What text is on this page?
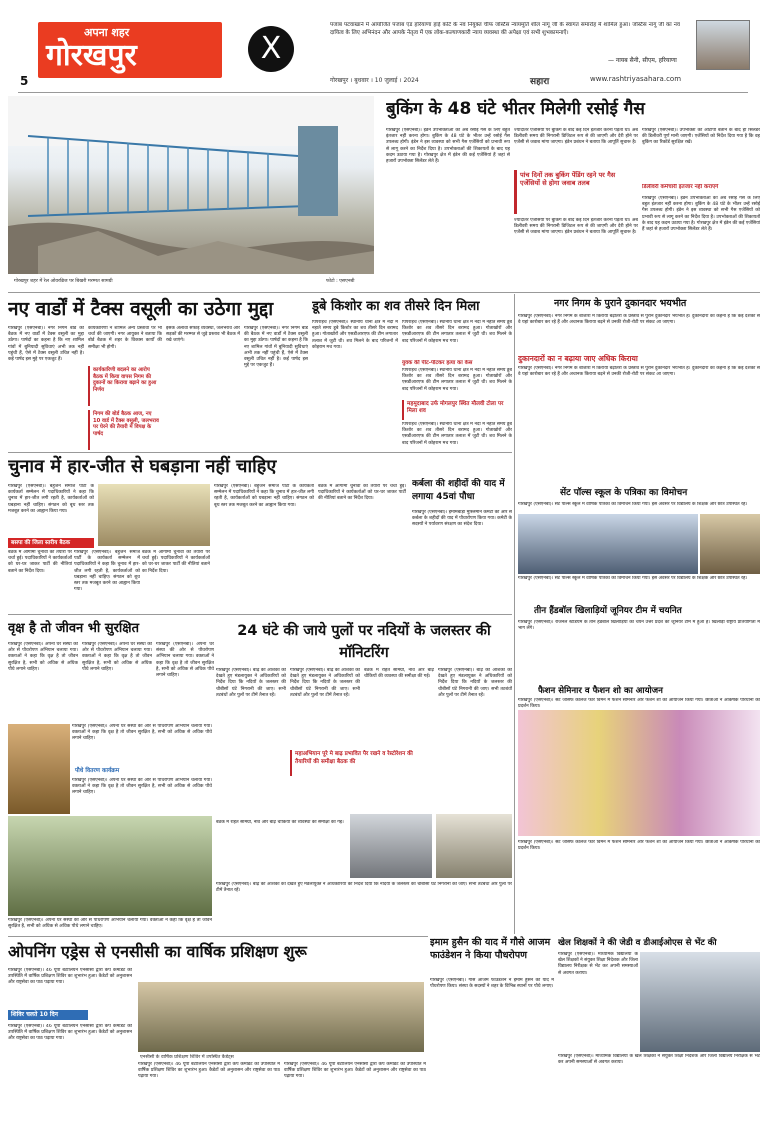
5
अपना शहर
गोरखपुर	X
पंजाब पटवाखाने में आयोजित पंजाब एंड हरियाणा हाई कोर्ट के नव नियुक्त चीफ जस्टिस न्यायमूर्ति शील नागू जी के स्वागत समारोह में शामिल हुआ। जस्टिस नागू जी का नव दायित्व के लिए अभिनंदन और आपके नेतृत्व में एक लोक-कल्याणकारी न्याय व्यवस्था की अपेक्षा एवं सभी शुभकामनाएँ।
— नायब सैनी, सीएम, हरियाणा
गोरखपुर । बुधवार । 10 जुलाई । 2024	सहारा	www.rashtriyasahara.com
गोरखपुर शहर में रेल ओवरब्रिज पर बिखरी मरम्मत सामग्री	फोटो : एसएनबी
बुकिंग के 48 घंटे भीतर मिलेगी रसोई गैस
गोरखपुर (एसएनबी)। इंडेन उपभोक्ताओं को अब रसोई गैस के लिए बहुत इंतजार नहीं करना होगा। बुकिंग के 48 घंटे के भीतर उन्हें रसोई गैस उपलब्ध होगी। इंडेन ने इस व्यवस्था को सभी गैस एजेंसियों को प्रभावी रूप से लागू करने का निर्देश दिया है। उपभोक्ताओं की शिकायतों के बाद यह कदम उठाया गया है। गोरखपुर क्षेत्र में इंडेन की कई एजेंसियां हैं जहां से हजारों उपभोक्ता सिलेंडर लेते हैं।
ज्यादातर एजेंसियों पर बुकिंग के बाद कई दिन इंतजार करना पड़ता था। अब डिलीवरी समय की निगरानी डिजिटल रूप से की जाएगी और देरी होने पर एजेंसी से जवाब मांगा जाएगा। इंडेन प्रबंधन ने बताया कि आपूर्ति सुचारू है।
पांच दिनों तक बुकिंग पेंडिंग रहने पर गैस एजेंसियों से होगा जवाब तलब
ज्यादातर एजेंसियों पर बुकिंग के बाद कई दिन इंतजार करना पड़ता था। अब डिलीवरी समय की निगरानी डिजिटल रूप से की जाएगी और देरी होने पर एजेंसी से जवाब मांगा जाएगा। इंडेन प्रबंधन ने बताया कि आपूर्ति सुचारू है।
गोरखपुर (एसएनबी)। उपभोक्ता को ओटीपी बताने के बाद ही सिलेंडर की डिलीवरी पूर्ण मानी जाएगी। एजेंसियों को निर्देश दिया गया है कि वह बुकिंग का रिकॉर्ड सुरक्षित रखें।
डिलीवरी कर्मचारी इंतजार नहीं कराएंगे
गोरखपुर (एसएनबी)। इंडेन उपभोक्ताओं को अब रसोई गैस के लिए बहुत इंतजार नहीं करना होगा। बुकिंग के 48 घंटे के भीतर उन्हें रसोई गैस उपलब्ध होगी। इंडेन ने इस व्यवस्था को सभी गैस एजेंसियों को प्रभावी रूप से लागू करने का निर्देश दिया है। उपभोक्ताओं की शिकायतों के बाद यह कदम उठाया गया है। गोरखपुर क्षेत्र में इंडेन की कई एजेंसियां हैं जहां से हजारों उपभोक्ता सिलेंडर लेते हैं।
नए वार्डों में टैक्स वसूली का उठेगा मुद्दा
गोरखपुर (एसएनबी)। नगर निगम बोर्ड की बैठक में नए वार्डों में टैक्स वसूली का मुद्दा उठेगा। पार्षदों का कहना है कि नए शामिल गांवों में बुनियादी सुविधाएं अभी तक नहीं पहुंची हैं, ऐसे में टैक्स वसूली उचित नहीं है। कई पार्षद इस मुद्दे पर एकजुट हैं।
कार्यकारिणी ने शामिल अन्य प्रस्तावों पर भी चर्चा की जाएगी। नगर आयुक्त ने बताया कि बोर्ड बैठक में शहर के विकास कार्यों की समीक्षा भी होगी।
कार्यकारिणी बदलने का आरोप बैठक में किया वापस निगम की दुकानों का किराया बढ़ाने का हुआ निर्णय
निगम की बोर्ड बैठक आज, नए 10 वार्ड में टैक्स वसूली, जलभराव पर घेरने की तैयारी में विपक्ष के पार्षद
इसके अलावा सफाई व्यवस्था, जलभराव और सड़कों की मरम्मत से जुड़े प्रस्ताव भी बैठक में रखे जाएंगे।
गोरखपुर (एसएनबी)। नगर निगम बोर्ड की बैठक में नए वार्डों में टैक्स वसूली का मुद्दा उठेगा। पार्षदों का कहना है कि नए शामिल गांवों में बुनियादी सुविधाएं अभी तक नहीं पहुंची हैं, ऐसे में टैक्स वसूली उचित नहीं है। कई पार्षद इस मुद्दे पर एकजुट हैं।
डूबे किशोर का शव तीसरे दिन मिला
पिपराइच (एसएनबी)। स्थानीय थाना क्षेत्र में नदी में नहाते समय डूबे किशोर का शव तीसरे दिन बरामद हुआ। गोताखोरों और एसडीआरएफ की टीम लगातार तलाश में जुटी थी। शव मिलने के बाद परिजनों में कोहराम मच गया।
पिपराइच (एसएनबी)। स्थानीय थाना क्षेत्र में नदी में नहाते समय डूबे किशोर का शव तीसरे दिन बरामद हुआ। गोताखोरों और एसडीआरएफ की टीम लगातार तलाश में जुटी थी। शव मिलने के बाद परिजनों में कोहराम मच गया।
युवक की पीट-पीटकर हत्या का केस
पिपराइच (एसएनबी)। स्थानीय थाना क्षेत्र में नदी में नहाते समय डूबे किशोर का शव तीसरे दिन बरामद हुआ। गोताखोरों और एसडीआरएफ की टीम लगातार तलाश में जुटी थी। शव मिलने के बाद परिजनों में कोहराम मच गया।
महमूदाबाद उर्फ मोगलपुर स्थित मौलवी टोला पर मिला शव
पिपराइच (एसएनबी)। स्थानीय थाना क्षेत्र में नदी में नहाते समय डूबे किशोर का शव तीसरे दिन बरामद हुआ। गोताखोरों और एसडीआरएफ की टीम लगातार तलाश में जुटी थी। शव मिलने के बाद परिजनों में कोहराम मच गया।
नगर निगम के पुराने दुकानदार भयभीत
गोरखपुर (एसएनबी)। नगर निगम के बाजारों में किराया बढ़ोतरी के प्रस्ताव से पुराने दुकानदार भयभीत हैं। दुकानदारों का कहना है कि कई दशकों से वे यहां कारोबार कर रहे हैं और अचानक किराया बढ़ने से उनकी रोजी-रोटी पर संकट आ जाएगा।
दुकानदारों का न बढ़ाया जाए अधिक किराया
गोरखपुर (एसएनबी)। नगर निगम के बाजारों में किराया बढ़ोतरी के प्रस्ताव से पुराने दुकानदार भयभीत हैं। दुकानदारों का कहना है कि कई दशकों से वे यहां कारोबार कर रहे हैं और अचानक किराया बढ़ने से उनकी रोजी-रोटी पर संकट आ जाएगा।
चुनाव में हार-जीत से घबड़ाना नहीं चाहिए
गोरखपुर (एसएनबी)। बहुजन समाज पार्टी के कार्यकर्ता सम्मेलन में पदाधिकारियों ने कहा कि चुनाव में हार-जीत लगी रहती है, कार्यकर्ताओं को घबड़ाना नहीं चाहिए। संगठन को बूथ स्तर तक मजबूत करने का आह्वान किया गया।
बसपा की जिला स्तरीय बैठक
बैठक में आगामी चुनावों की तैयारी पर चर्चा हुई। पदाधिकारियों ने कार्यकर्ताओं को घर-घर जाकर पार्टी की नीतियां बताने का निर्देश दिया।
गोरखपुर (एसएनबी)। बहुजन समाज पार्टी के कार्यकर्ता सम्मेलन में पदाधिकारियों ने कहा कि चुनाव में हार-जीत लगी रहती है, कार्यकर्ताओं को घबड़ाना नहीं चाहिए। संगठन को बूथ स्तर तक मजबूत करने का आह्वान किया गया।
बैठक में आगामी चुनावों की तैयारी पर चर्चा हुई। पदाधिकारियों ने कार्यकर्ताओं को घर-घर जाकर पार्टी की नीतियां बताने का निर्देश दिया।
गोरखपुर (एसएनबी)। बहुजन समाज पार्टी के कार्यकर्ता सम्मेलन में पदाधिकारियों ने कहा कि चुनाव में हार-जीत लगी रहती है, कार्यकर्ताओं को घबड़ाना नहीं चाहिए। संगठन को बूथ स्तर तक मजबूत करने का आह्वान किया गया।
बैठक में आगामी चुनावों की तैयारी पर चर्चा हुई। पदाधिकारियों ने कार्यकर्ताओं को घर-घर जाकर पार्टी की नीतियां बताने का निर्देश दिया।
कर्बला की शहीदों की याद में लगाया 45वां पौधा
गोरखपुर (एसएनबी)। इमामबाड़ा मुस्लिमीन कमेटी की ओर से कर्बला के शहीदों की याद में पौधारोपण किया गया। कमेटी के सदस्यों ने पर्यावरण संरक्षण का संदेश दिया।
सेंट पॉल्स स्कूल के पत्रिका का विमोचन
गोरखपुर (एसएनबी)। सेंट पॉल्स स्कूल में वार्षिक पत्रिका का विमोचन किया गया। इस अवसर पर विद्यालय के शिक्षक और छात्र उपस्थित रहे।
गोरखपुर (एसएनबी)। सेंट पॉल्स स्कूल में वार्षिक पत्रिका का विमोचन किया गया। इस अवसर पर विद्यालय के शिक्षक और छात्र उपस्थित रहे।
तीन हैंडबॉल खिलाड़ियों जूनियर टीम में चयनित
गोरखपुर (एसएनबी)। रीजनल स्टेडियम के तीन हैंडबॉल खिलाड़ियों का चयन उत्तर प्रदेश की जूनियर टीम में हुआ है। खिलाड़ी राष्ट्रीय प्रतियोगिता में भाग लेंगे।
वृक्ष है तो जीवन भी सुरक्षित
गोरखपुर (एसएनबी)। अपना घर संस्था की ओर से पौधरोपण अभियान चलाया गया। वक्ताओं ने कहा कि वृक्ष है तो जीवन सुरक्षित है, सभी को अधिक से अधिक पौधे लगाने चाहिए।
गोरखपुर (एसएनबी)। अपना घर संस्था की ओर से पौधरोपण अभियान चलाया गया। वक्ताओं ने कहा कि वृक्ष है तो जीवन सुरक्षित है, सभी को अधिक से अधिक पौधे लगाने चाहिए।
गोरखपुर (एसएनबी)। अपना घर संस्था की ओर से पौधरोपण अभियान चलाया गया। वक्ताओं ने कहा कि वृक्ष है तो जीवन सुरक्षित है, सभी को अधिक से अधिक पौधे लगाने चाहिए।
गोरखपुर (एसएनबी)। अपना घर संस्था की ओर से पौधरोपण अभियान चलाया गया। वक्ताओं ने कहा कि वृक्ष है तो जीवन सुरक्षित है, सभी को अधिक से अधिक पौधे लगाने चाहिए।
पौधे वितरण कार्यक्रम
गोरखपुर (एसएनबी)। अपना घर संस्था की ओर से पौधरोपण अभियान चलाया गया। वक्ताओं ने कहा कि वृक्ष है तो जीवन सुरक्षित है, सभी को अधिक से अधिक पौधे लगाने चाहिए।
गोरखपुर (एसएनबी)। अपना घर संस्था की ओर से पौधरोपण अभियान चलाया गया। वक्ताओं ने कहा कि वृक्ष है तो जीवन सुरक्षित है, सभी को अधिक से अधिक पौधे लगाने चाहिए।
24 घंटे की जाये पुलों पर नदियों के जलस्तर की मॉनिटरिंग
गोरखपुर (एसएनबी)। बाढ़ की आशंका को देखते हुए मंडलायुक्त ने अधिकारियों को निर्देश दिया कि नदियों के जलस्तर की चौबीसों घंटे निगरानी की जाए। सभी तटबंधों और पुलों पर टीमें तैनात रहें।
गोरखपुर (एसएनबी)। बाढ़ की आशंका को देखते हुए मंडलायुक्त ने अधिकारियों को निर्देश दिया कि नदियों के जलस्तर की चौबीसों घंटे निगरानी की जाए। सभी तटबंधों और पुलों पर टीमें तैनात रहें।
महाअभियान पूरे मे बाढ़ प्रभावित पैर रखने व रेस्टोरेशन की तैयारियों की समीक्षा बैठक की
बैठक में राहत सामग्री, नाव और बाढ़ चौकियों की व्यवस्था की समीक्षा की गई।
गोरखपुर (एसएनबी)। बाढ़ की आशंका को देखते हुए मंडलायुक्त ने अधिकारियों को निर्देश दिया कि नदियों के जलस्तर की चौबीसों घंटे निगरानी की जाए। सभी तटबंधों और पुलों पर टीमें तैनात रहें।
बैठक में राहत सामग्री, नाव और बाढ़ चौकियों की व्यवस्था की समीक्षा की गई।
गोरखपुर (एसएनबी)। बाढ़ की आशंका को देखते हुए मंडलायुक्त ने अधिकारियों को निर्देश दिया कि नदियों के जलस्तर की चौबीसों घंटे निगरानी की जाए। सभी तटबंधों और पुलों पर टीमें तैनात रहें।
फैशन सेमिनार व फैशन शो का आयोजन
गोरखपुर (एसएनबी)। सेंट जोसेफ कॉलेज फॉर विमेन में फैशन सेमिनार और फैशन शो का आयोजन किया गया। छात्राओं ने आकर्षक परिधानों का प्रदर्शन किया।
गोरखपुर (एसएनबी)। सेंट जोसेफ कॉलेज फॉर विमेन में फैशन सेमिनार और फैशन शो का आयोजन किया गया। छात्राओं ने आकर्षक परिधानों का प्रदर्शन किया।
ओपनिंग एड्रेस से एनसीसी का वार्षिक प्रशिक्षण शुरू
गोरखपुर (एसएनबी)। 46 यूपी बटालियन एनसीसी द्वारा कैंप कमांडेंट की उपस्थिति में वार्षिक प्रशिक्षण शिविर का शुभारंभ हुआ। कैडेटों को अनुशासन और राष्ट्रसेवा का पाठ पढ़ाया गया।
शिविर चलते 10 दिन
गोरखपुर (एसएनबी)। 46 यूपी बटालियन एनसीसी द्वारा कैंप कमांडेंट की उपस्थिति में वार्षिक प्रशिक्षण शिविर का शुभारंभ हुआ। कैडेटों को अनुशासन और राष्ट्रसेवा का पाठ पढ़ाया गया।
एनसीसी के वार्षिक प्रशिक्षण शिविर में उपस्थित कैडेट्स
गोरखपुर (एसएनबी)। 46 यूपी बटालियन एनसीसी द्वारा कैंप कमांडेंट की उपस्थिति में वार्षिक प्रशिक्षण शिविर का शुभारंभ हुआ। कैडेटों को अनुशासन और राष्ट्रसेवा का पाठ पढ़ाया गया।
गोरखपुर (एसएनबी)। 46 यूपी बटालियन एनसीसी द्वारा कैंप कमांडेंट की उपस्थिति में वार्षिक प्रशिक्षण शिविर का शुभारंभ हुआ। कैडेटों को अनुशासन और राष्ट्रसेवा का पाठ पढ़ाया गया।
इमाम हुसैन की याद में गौसे आजम फाउंडेशन ने किया पौधरोपण
गोरखपुर (एसएनबी)। गौसे आजम फाउंडेशन ने इमाम हुसैन की याद में पौधरोपण किया। संस्था के सदस्यों ने शहर के विभिन्न स्थानों पर पौधे लगाए।
खेल शिक्षकों ने की जेडी व डीआईओएस से भेंट की
गोरखपुर (एसएनबी)। माध्यमिक विद्यालयों के खेल शिक्षकों ने संयुक्त शिक्षा निदेशक और जिला विद्यालय निरीक्षक से भेंट कर अपनी समस्याओं से अवगत कराया।
गोरखपुर (एसएनबी)। माध्यमिक विद्यालयों के खेल शिक्षकों ने संयुक्त शिक्षा निदेशक और जिला विद्यालय निरीक्षक से भेंट कर अपनी समस्याओं से अवगत कराया।
